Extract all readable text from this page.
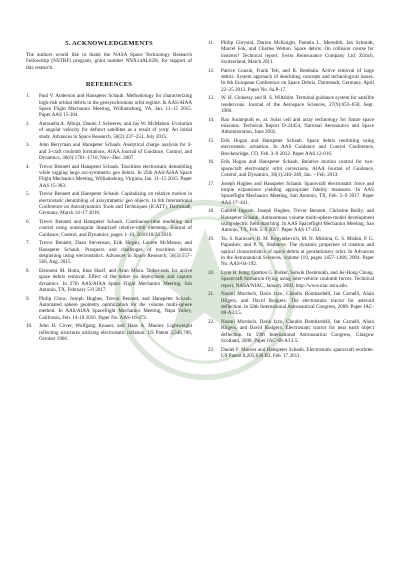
5. ACKNOWLEDGEMENTS

The authors would like to thank the NASA Space Technology Research Fellowship (NSTRF) program, grant number NNX14AL62H, for support of this research.

REFERENCES
1. Paul V. Anderson and Hanspeter Schaub. Methodology for characterizing high-risk orbital debris in the geosynchronous orbit regime. In AAS/AIAA Space Flight Mechanics Meeting, Williamsburg, VA, Jan. 11–15 2015. Paper AAS 15-204.
2. Antonella A. Albuja, Daniel J. Scheeres, and Jay W. McMahon. Evolution of angular velocity for defunct satellites as a result of yorp: An initial study. Advances in Space Research, 56(2):237–251, July 2015.
3. John Berryman and Hanspeter Schaub. Analytical charge analysis for 2- and 3-craft coulomb formations. AIAA Journal of Guidance, Control, and Dynamics, 30(6):1701–1710, Nov.–Dec. 2007.
4. Trevor Bennett and Hanspeter Schaub. Touchless electrostatic detumbling while tugging large axi-symmetric geo debris. In 25th AAS/AIAA Space Flight Mechanics Meeting, Williamsburg, Virginia, Jan. 11–15 2015. Paper AAS 15-383.
5. Trevor Bennett and Hanspeter Schaub. Capitalizing on relative motion in electrostatic detumbling of axisymmetric geo objects. In 6th International Conference on Astrodynamics Tools and Techniques (ICATT), Darmstadt, Germany, March 14–17 2016.
6. Trevor Bennett and Hanspeter Schaub. Continuous-time modeling and control using nonsingular linearized relative-orbit elements. Journal of Guidance, Control, and Dynamics, pages 1–10, 2016/10/24 2016.
7. Trevor Bennett, Daan Stevenson, Erik Hogan, Lauren McManus, and Hanspeter Schaub. Prospects and challenges of touchless debris despinning using electrostatics. Advances in Space Research, 56(3):557–568, Aug. 2015.
8. Eleonora M. Botta, Inna Sharf, and Arun Misra. Tether-nets for active space debris removal: Effect of the tether on deployment and capture dynamics. In 27th AAS/AIAA Space Flight Mechanics Meeting, San Antonio, TX, February 5-9 2017.
9. Philip Chow, Joseph Hughes, Trevor Bennett, and Hanspeter Schaub. Automated sphere geometry optimization for the volume multi-sphere method. In AAS/AIAA Spaceflight Mechanics Meeting, Napa Valley, California, Feb. 14-18 2016. Paper No. AAS-16-472.
10. John H. Cover, Wolfgang Knauer, and Hans A. Maurer. Lightweight reflecting structures utilizing electrostatic inflation. US Patent 3,546,706, October 1966.
11. Philip Chrystal, Darren McKnight, Pamela L. Meredith, Jan Schmidt, Marcel Fok, and Charles Wetton. Space debris: On collision course for insurers? Technical report, Swiss Reinsurance Company Ltd, Zürich, Switzerland, March 2011.
12. Patrice Couzin, Frank Teti, and R. Rembala. Active removal of large debris: System approach of deorbiting concepts and technological issues. In 6th European Conference on Space Debris, Darmstadt, Germany, April 22–25 2013. Paper No. 6a.P-17.
13. W. H. Clohessy and R. S. Wiltshire. Terminal guidance system for satellite rendezvous. Journal of the Aerospace Sciences, 27(9):653–658, Sept. 1960.
14. Rao Surampudi et. al. Solar cell and array technology for future space missions. Technical Report D-24454, National Aeronautics and Space Administration, June 2002.
15. Erik Hogan and Hanspeter Schaub. Space debris reorbiting using electrostatic actuation. In AAS Guidance and Control Conference, Breckenridge, CO, Feb. 3–8 2012. Paper AAS 12-016.
16. Erik Hogan and Hanspeter Schaub. Relative motion control for two-spacecraft electrostatic orbit corrections. AIAA Journal of Guidance, Control, and Dynamics, 36(1):240–249, Jan. – Feb. 2013.
17. Joseph Hughes and Hanspeter Schaub. Spacecraft electrostatic force and torque expansions yielding appropriate fidelity measures. In AAS Spaceflight Mechanics Meeting, San Antonio, TX, Feb. 5–9 2017. Paper AAS 17–441.
18. Gabriel Ingram, Joseph Hughes, Trevor Bennett, Christine Reilly, and Hanspeter Schaub. Autonomous volume multi-sphere-model development using electric field matching. In AAS Spaceflight Mechanics Meeting, San Antonio, TX, Feb. 5–9 2017. Paper AAS 17-451.
19. Yu. S. Karavaev, R. M. Kopyatkevich, M. N. Mishina, G. S. Mishin, P. G. Papushev, and P. N. Shaburov. The dynamic properties of rotation and optical characteristics of space debris at geostationary orbit. In Advances in the Astronautical Sciences, volume 119, pages 1457–1466, 2004. Paper No. AAS-04-192.
20. Lyon B. King, Gordon G. Parker, Satwik Deshmukh, and Jer-Hong Chong. Spacecraft formation-flying using inter-vehicle coulomb forces. Technical report, NASA/NIAC, January 2002. http://www.niac.usra.edu.
21. Naomi Murdoch, Dario Izzo, Claudio Bombardelli, Ian Carnelli, Alain Hilgers, and David Rodgers. The electrostatic tractor for asteroid deflection. In 58th International Astronautical Congress, 2008. Paper IAC-08-A3.I.5.
22. Naomi Murdoch, Dario Izzo, Claudio Bombardelli, Ian Carnelli, Alain Hilgers, and David Rodgers. Electrostatic tractor for near earth object deflection. In 59th International Astronautical Congress, Glasgow Scotland, 2008. Paper IAC-08-A3.I.5.
23. Daniel F. Moorer and Hanspeter Schaub. Electrostatic spacecraft reorbiter. US Patent 8,205,838 B2, Feb. 17 2011.
